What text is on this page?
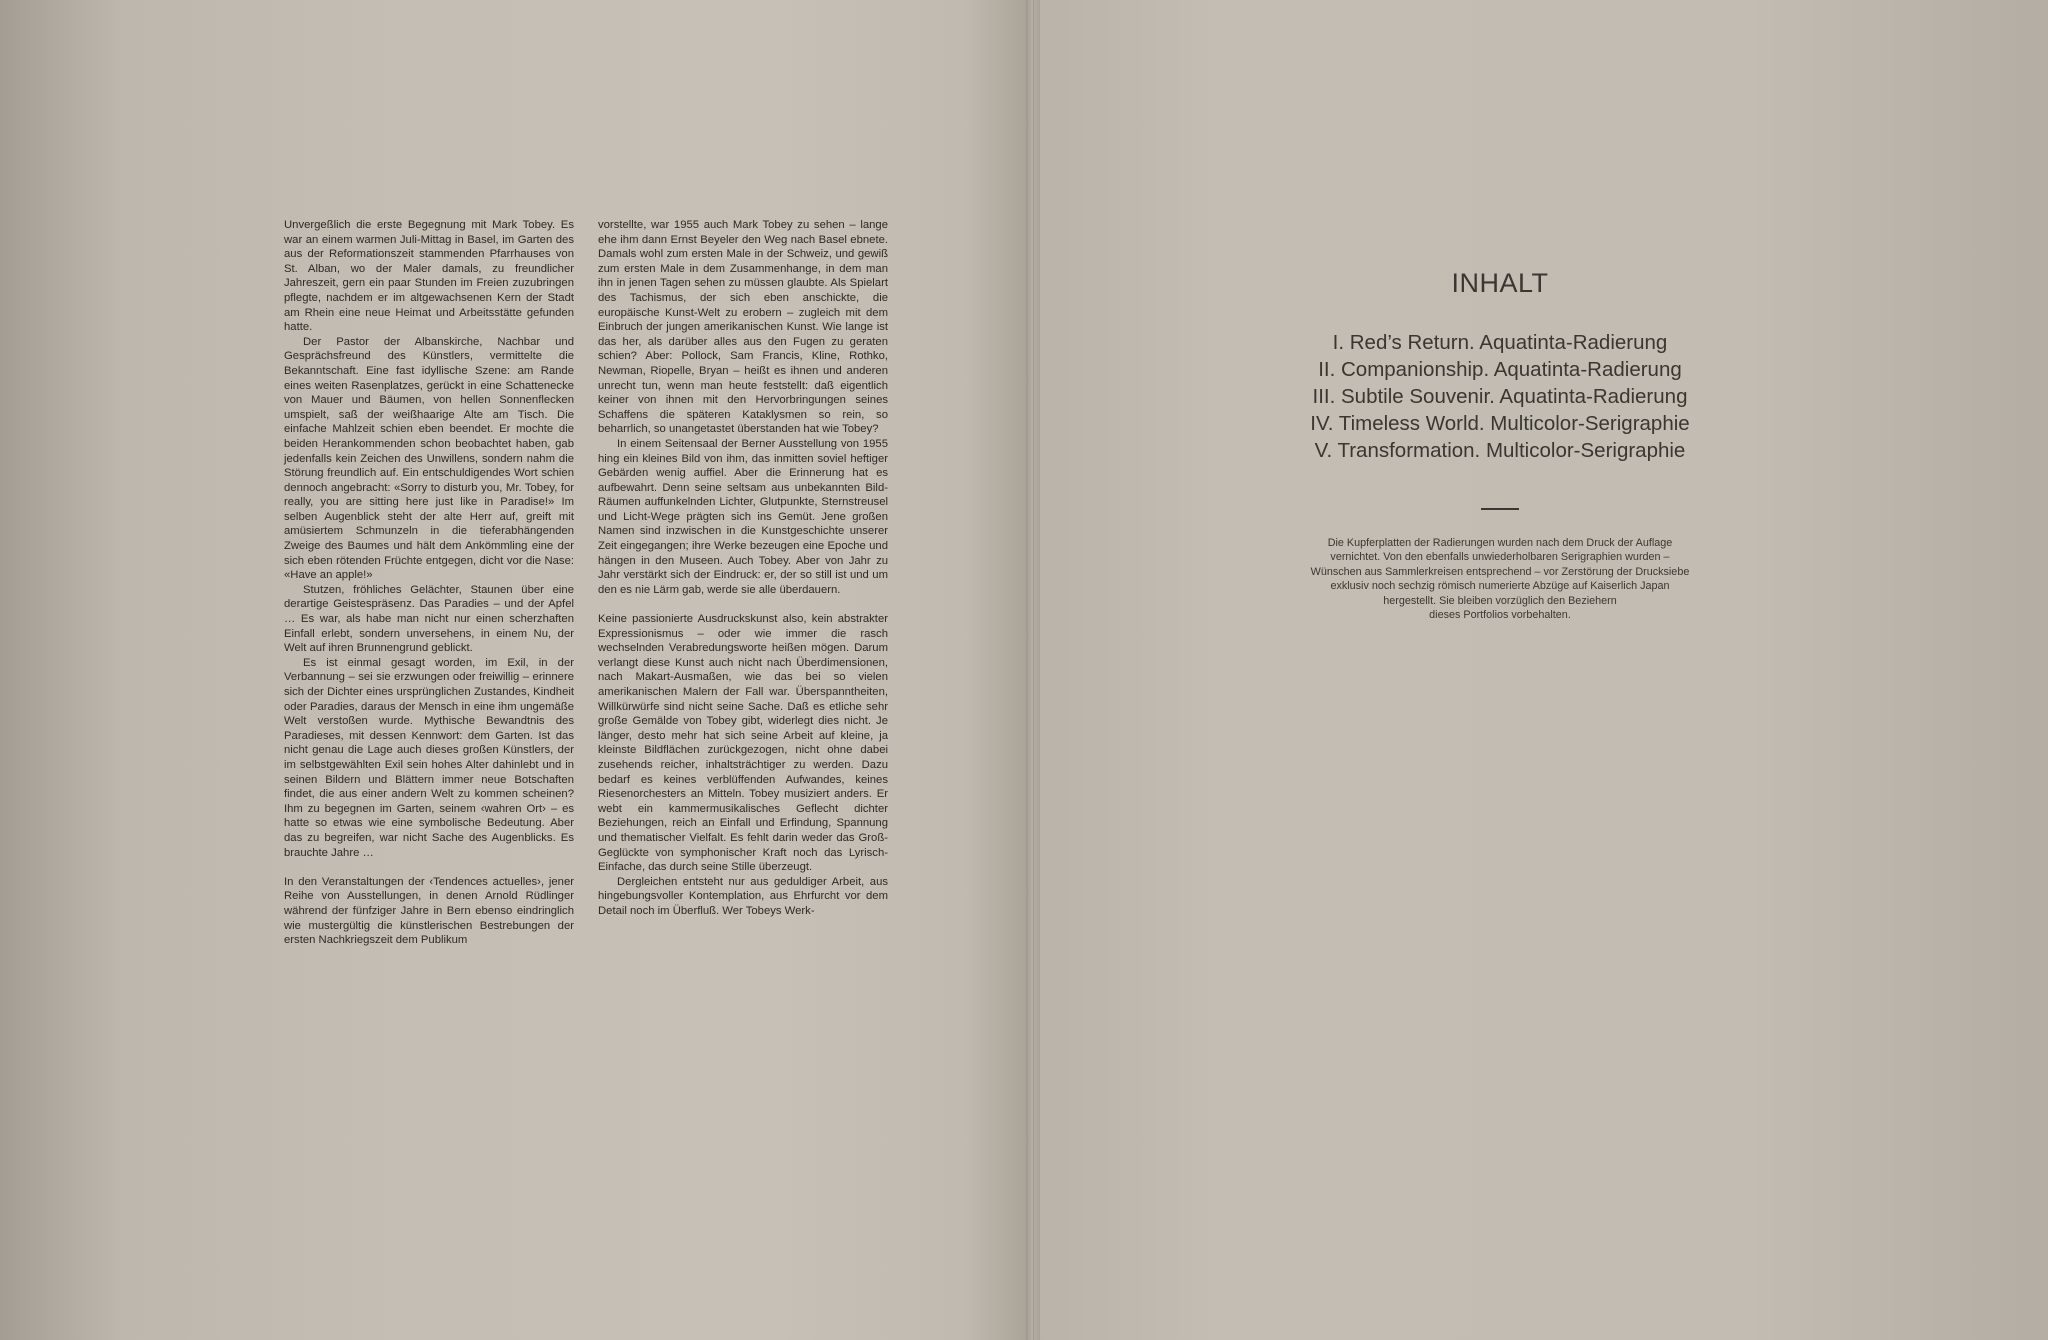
Unvergeßlich die erste Begegnung mit Mark Tobey. Es war an einem warmen Juli-Mittag in Basel, im Garten des aus der Reformationszeit stammenden Pfarrhauses von St. Alban, wo der Maler damals, zu freundlicher Jahreszeit, gern ein paar Stunden im Freien zuzubringen pflegte, nachdem er im altgewachsenen Kern der Stadt am Rhein eine neue Heimat und Arbeitsstätte gefunden hatte.

Der Pastor der Albanskirche, Nachbar und Gesprächsfreund des Künstlers, vermittelte die Bekanntschaft. Eine fast idyllische Szene: am Rande eines weiten Rasenplatzes, gerückt in eine Schattenecke von Mauer und Bäumen, von hellen Sonnenflecken umspielt, saß der weißhaarige Alte am Tisch. Die einfache Mahlzeit schien eben beendet. Er mochte die beiden Herankommenden schon beobachtet haben, gab jedenfalls kein Zeichen des Unwillens, sondern nahm die Störung freundlich auf. Ein entschuldigendes Wort schien dennoch angebracht: «Sorry to disturb you, Mr. Tobey, for really, you are sitting here just like in Paradise!» Im selben Augenblick steht der alte Herr auf, greift mit amüsiertem Schmunzeln in die tieferabhängenden Zweige des Baumes und hält dem Ankömmling eine der sich eben rötenden Früchte entgegen, dicht vor die Nase: «Have an apple!»

Stutzen, fröhliches Gelächter, Staunen über eine derartige Geistespräsenz. Das Paradies – und der Apfel … Es war, als habe man nicht nur einen scherzhaften Einfall erlebt, sondern unversehens, in einem Nu, der Welt auf ihren Brunnengrund geblickt.

Es ist einmal gesagt worden, im Exil, in der Verbannung – sei sie erzwungen oder freiwillig – erinnere sich der Dichter eines ursprünglichen Zustandes, Kindheit oder Paradies, daraus der Mensch in eine ihm ungemäße Welt verstoßen wurde. Mythische Bewandtnis des Paradieses, mit dessen Kennwort: dem Garten. Ist das nicht genau die Lage auch dieses großen Künstlers, der im selbstgewählten Exil sein hohes Alter dahinlebt und in seinen Bildern und Blättern immer neue Botschaften findet, die aus einer andern Welt zu kommen scheinen? Ihm zu begegnen im Garten, seinem ‹wahren Ort› – es hatte so etwas wie eine symbolische Bedeutung. Aber das zu begreifen, war nicht Sache des Augenblicks. Es brauchte Jahre …

In den Veranstaltungen der ‹Tendences actuelles›, jener Reihe von Ausstellungen, in denen Arnold Rüdlinger während der fünfziger Jahre in Bern ebenso eindringlich wie mustergültig die künstlerischen Bestrebungen der ersten Nachkriegszeit dem Publikum

vorstellte, war 1955 auch Mark Tobey zu sehen – lange ehe ihm dann Ernst Beyeler den Weg nach Basel ebnete. Damals wohl zum ersten Male in der Schweiz, und gewiß zum ersten Male in dem Zusammenhange, in dem man ihn in jenen Tagen sehen zu müssen glaubte. Als Spielart des Tachismus, der sich eben anschickte, die europäische Kunst-Welt zu erobern – zugleich mit dem Einbruch der jungen amerikanischen Kunst. Wie lange ist das her, als darüber alles aus den Fugen zu geraten schien? Aber: Pollock, Sam Francis, Kline, Rothko, Newman, Riopelle, Bryan – heißt es ihnen und anderen unrecht tun, wenn man heute feststellt: daß eigentlich keiner von ihnen mit den Hervorbringungen seines Schaffens die späteren Kataklysmen so rein, so beharrlich, so unangetastet überstanden hat wie Tobey?

In einem Seitensaal der Berner Ausstellung von 1955 hing ein kleines Bild von ihm, das inmitten soviel heftiger Gebärden wenig auffiel. Aber die Erinnerung hat es aufbewahrt. Denn seine seltsam aus unbekannten Bild-Räumen auffunkelnden Lichter, Glutpunkte, Sternstreusel und Licht-Wege prägten sich ins Gemüt. Jene großen Namen sind inzwischen in die Kunstgeschichte unserer Zeit eingegangen; ihre Werke bezeugen eine Epoche und hängen in den Museen. Auch Tobey. Aber von Jahr zu Jahr verstärkt sich der Eindruck: er, der so still ist und um den es nie Lärm gab, werde sie alle überdauern.

Keine passionierte Ausdruckskunst also, kein abstrakter Expressionismus – oder wie immer die rasch wechselnden Verabredungsworte heißen mögen. Darum verlangt diese Kunst auch nicht nach Überdimensionen, nach Makart-Ausmaßen, wie das bei so vielen amerikanischen Malern der Fall war. Überspanntheiten, Willkürwürfe sind nicht seine Sache. Daß es etliche sehr große Gemälde von Tobey gibt, widerlegt dies nicht. Je länger, desto mehr hat sich seine Arbeit auf kleine, ja kleinste Bildflächen zurückgezogen, nicht ohne dabei zusehends reicher, inhaltsträchtiger zu werden. Dazu bedarf es keines verblüffenden Aufwandes, keines Riesenorchesters an Mitteln. Tobey musiziert anders. Er webt ein kammermusikalisches Geflecht dichter Beziehungen, reich an Einfall und Erfindung, Spannung und thematischer Vielfalt. Es fehlt darin weder das Groß-Geglückte von symphonischer Kraft noch das Lyrisch-Einfache, das durch seine Stille überzeugt.

Dergleichen entsteht nur aus geduldiger Arbeit, aus hingebungsvoller Kontemplation, aus Ehrfurcht vor dem Detail noch im Überfluß. Wer Tobeys Werk-

INHALT
I. Red’s Return. Aquatinta-Radierung
II. Companionship. Aquatinta-Radierung
III. Subtile Souvenir. Aquatinta-Radierung
IV. Timeless World. Multicolor-Serigraphie
V. Transformation. Multicolor-Serigraphie
Die Kupferplatten der Radierungen wurden nach dem Druck der Auflage
vernichtet. Von den ebenfalls unwiederholbaren Serigraphien wurden –
Wünschen aus Sammlerkreisen entsprechend – vor Zerstörung der Drucksiebe
exklusiv noch sechzig römisch numerierte Abzüge auf Kaiserlich Japan
hergestellt. Sie bleiben vorzüglich den Beziehern
dieses Portfolios vorbehalten.
